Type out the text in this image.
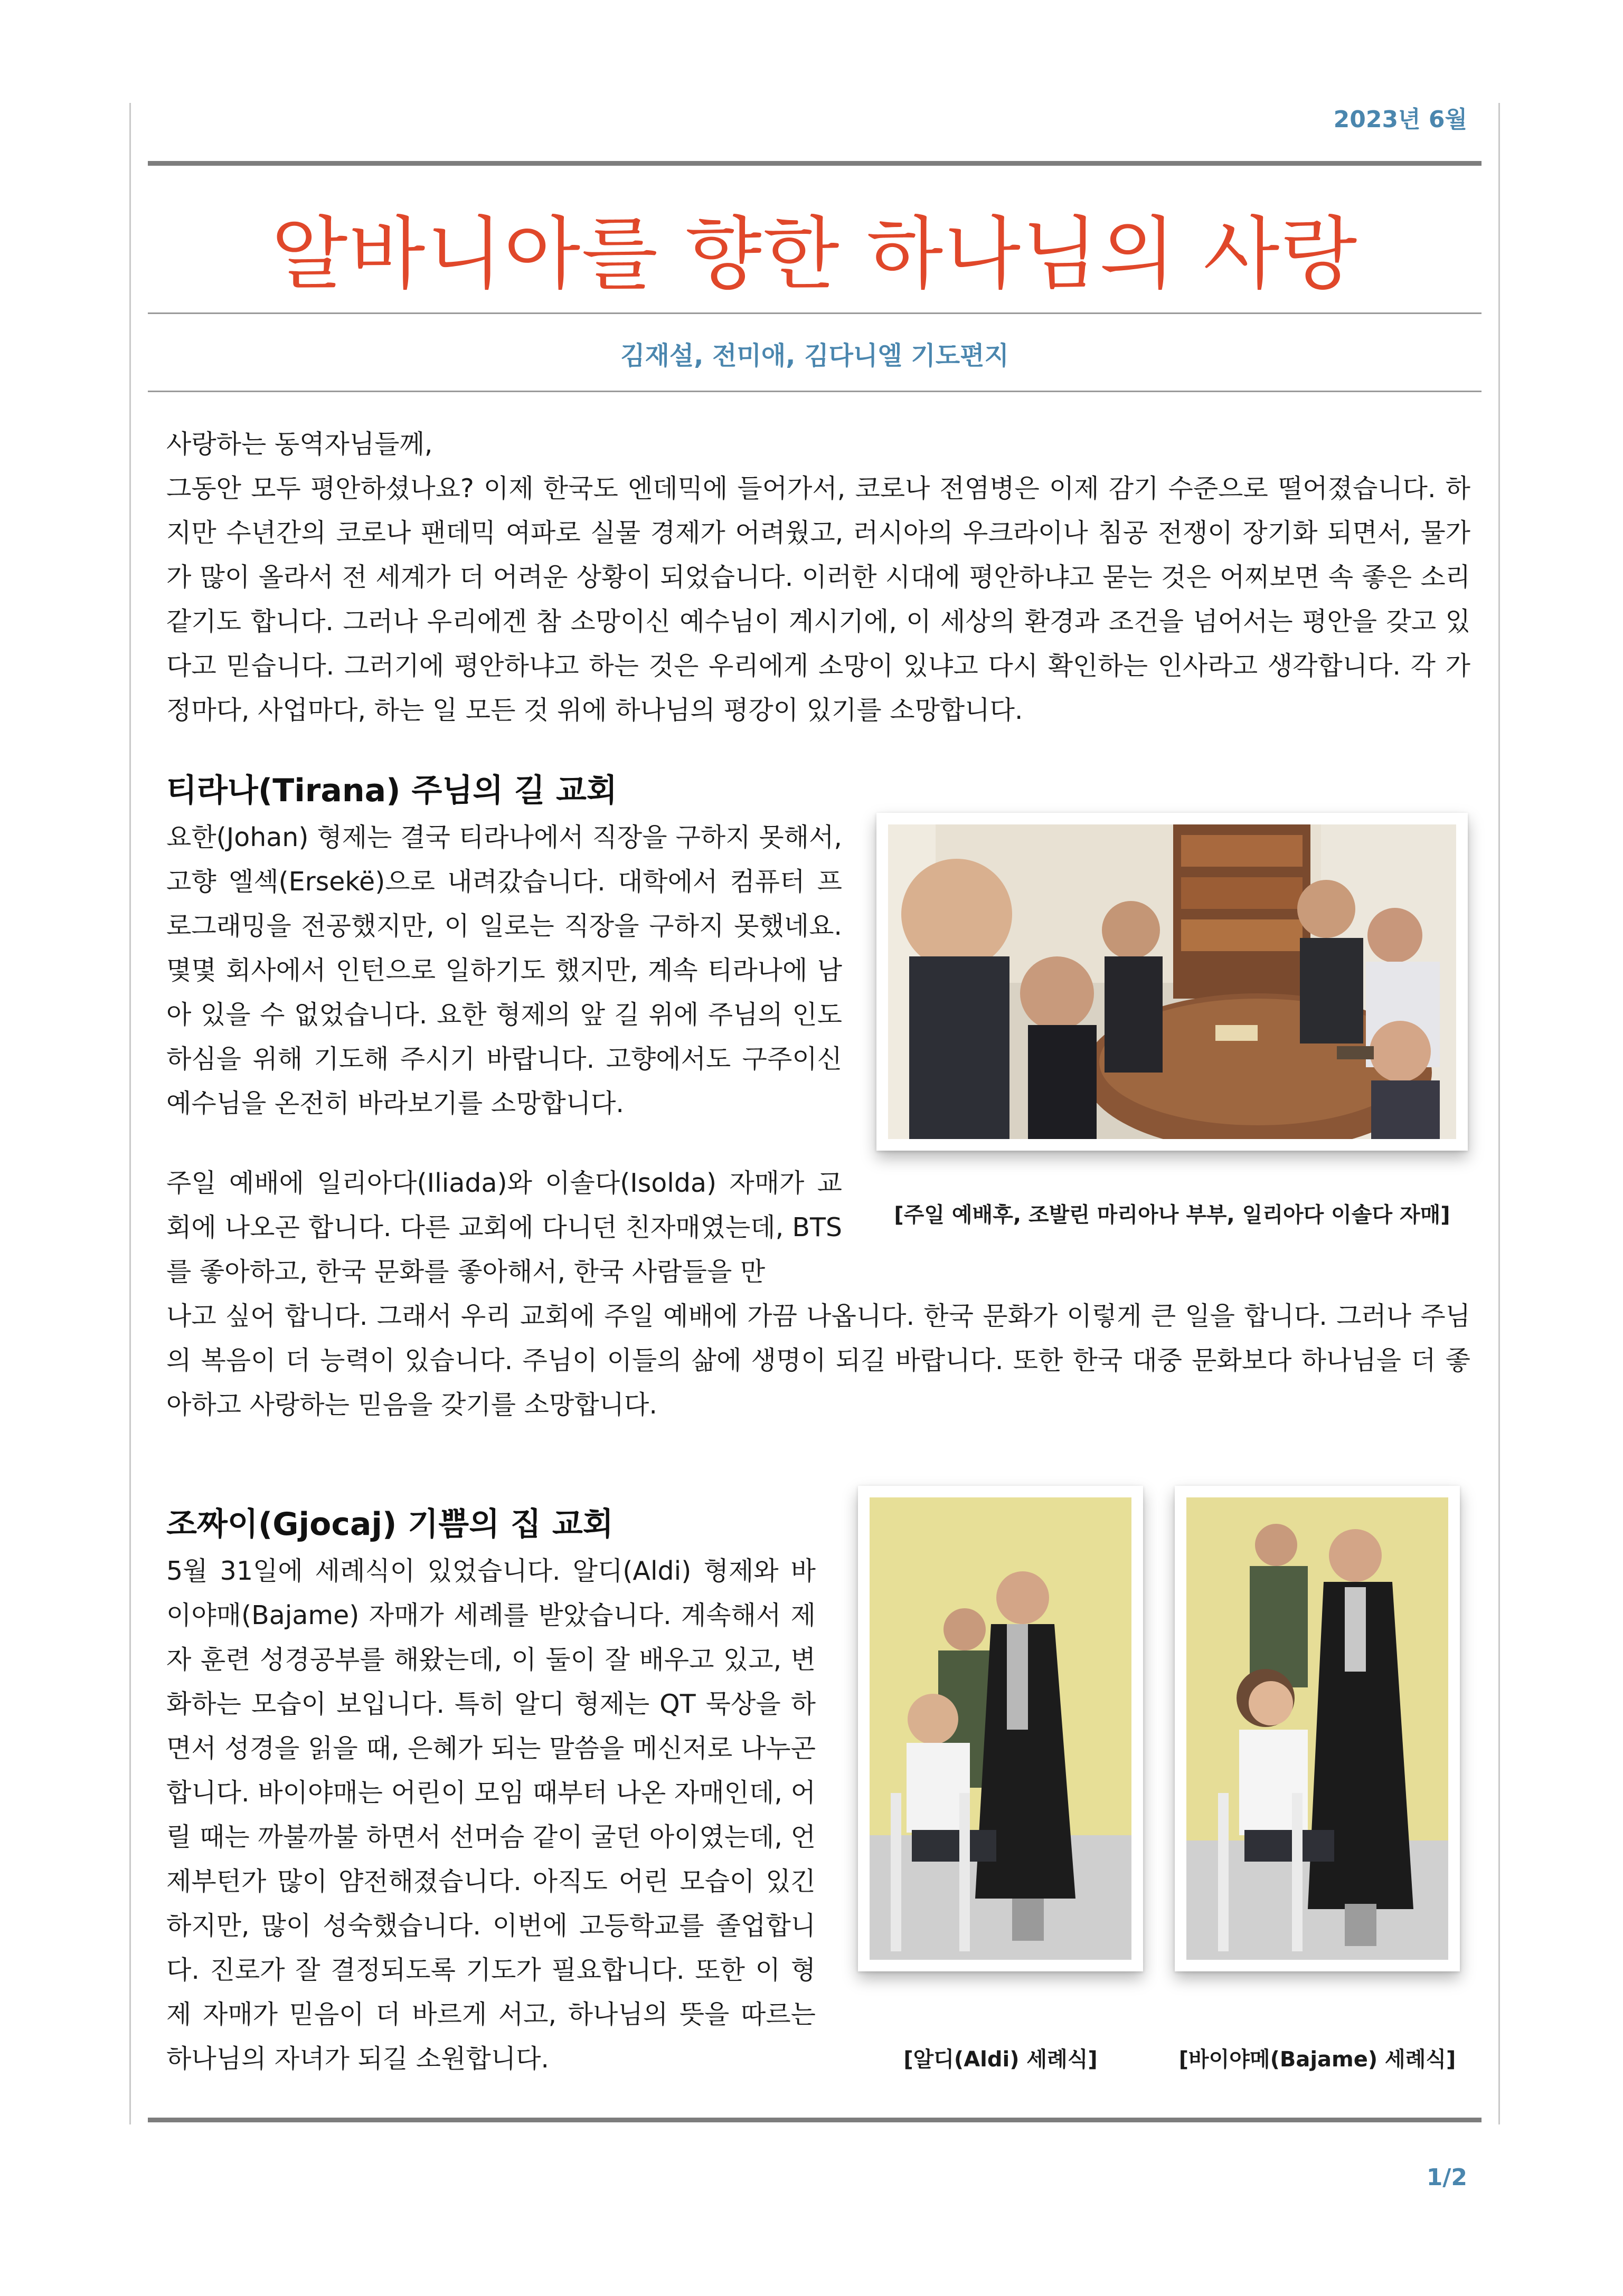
2023년 6월
알바니아를 향한 하나님의 사랑
김재설, 전미애, 김다니엘 기도편지

사랑하는 동역자님들께,

그동안 모두 평안하셨나요? 이제 한국도 엔데믹에 들어가서, 코로나 전염병은 이제 감기 수준으로 떨어졌습니다. 하지만 수년간의 코로나 팬데믹 여파로 실물 경제가 어려웠고, 러시아의 우크라이나 침공 전쟁이 장기화 되면서, 물가가 많이 올라서 전 세계가 더 어려운 상황이 되었습니다. 이러한 시대에 평안하냐고 묻는 것은 어찌보면 속 좋은 소리 같기도 합니다. 그러나 우리에겐 참 소망이신 예수님이 계시기에, 이 세상의 환경과 조건을 넘어서는 평안을 갖고 있다고 믿습니다. 그러기에 평안하냐고 하는 것은 우리에게 소망이 있냐고 다시 확인하는 인사라고 생각합니다. 각 가정마다, 사업마다, 하는 일 모든 것 위에 하나님의 평강이 있기를 소망합니다.

티라나(Tirana) 주님의 길 교회

요한(Johan) 형제는 결국 티라나에서 직장을 구하지 못해서, 고향 엘섹(Ersekë)으로 내려갔습니다. 대학에서 컴퓨터 프로그래밍을 전공했지만, 이 일로는 직장을 구하지 못했네요. 몇몇 회사에서 인턴으로 일하기도 했지만, 계속 티라나에 남아 있을 수 없었습니다. 요한 형제의 앞 길 위에 주님의 인도하심을 위해 기도해 주시기 바랍니다. 고향에서도 구주이신 예수님을 온전히 바라보기를 소망합니다.

주일 예배에 일리아다(Iliada)와 이솔다(Isolda) 자매가 교회에 나오곤 합니다. 다른 교회에 다니던 친자매였는데, BTS를 좋아하고, 한국 문화를 좋아해서, 한국 사람들을 만

나고 싶어 합니다. 그래서 우리 교회에 주일 예배에 가끔 나옵니다. 한국 문화가 이렇게 큰 일을 합니다. 그러나 주님의 복음이 더 능력이 있습니다. 주님이 이들의 삶에 생명이 되길 바랍니다. 또한 한국 대중 문화보다 하나님을 더 좋아하고 사랑하는 믿음을 갖기를 소망합니다.

[주일 예배후, 조발린 마리아나 부부, 일리아다 이솔다 자매]
조짜이(Gjocaj) 기쁨의 집 교회

5월 31일에 세례식이 있었습니다. 알디(Aldi) 형제와 바이야매(Bajame) 자매가 세례를 받았습니다. 계속해서 제자 훈련 성경공부를 해왔는데, 이 둘이 잘 배우고 있고, 변화하는 모습이 보입니다. 특히 알디 형제는 QT 묵상을 하면서 성경을 읽을 때, 은혜가 되는 말씀을 메신저로 나누곤 합니다. 바이야매는 어린이 모임 때부터 나온 자매인데, 어릴 때는 까불까불 하면서 선머슴 같이 굴던 아이였는데, 언제부턴가 많이 얌전해졌습니다. 아직도 어린 모습이 있긴 하지만, 많이 성숙했습니다. 이번에 고등학교를 졸업합니다. 진로가 잘 결정되도록 기도가 필요합니다. 또한 이 형제 자매가 믿음이 더 바르게 서고, 하나님의 뜻을 따르는 하나님의 자녀가 되길 소원합니다.	[알디(Aldi) 세례식]	[바이야메(Bajame) 세례식]
1/2
